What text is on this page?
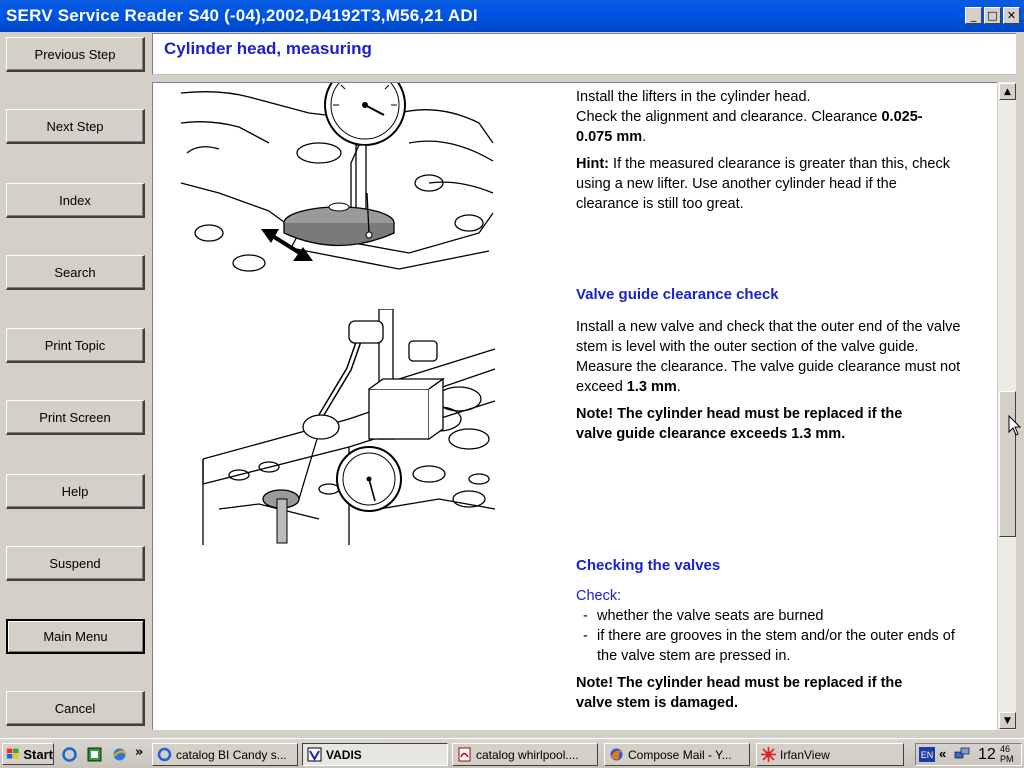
SERV Service Reader S40 (-04),2002,D4192T3,M56,21 ADI	_ □ ✕
Previous Step
Next Step
Index
Search
Print Topic
Print Screen
Help
Suspend
Main Menu
Cancel
Cylinder head, measuring
Install the lifters in the cylinder head.
Check the alignment and clearance. Clearance 0.025-
0.075 mm.
Hint: If the measured clearance is greater than this, check
using a new lifter. Use another cylinder head if the
clearance is still too great.
Valve guide clearance check
Install a new valve and check that the outer end of the valve
stem is level with the outer section of the valve guide.
Measure the clearance. The valve guide clearance must not
exceed 1.3 mm.
Note! The cylinder head must be replaced if the
valve guide clearance exceeds 1.3 mm.
Checking the valves
Check:
- whether the valve seats are burned
- if there are grooves in the stem and/or the outer ends of
the valve stem are pressed in.
Note! The cylinder head must be replaced if the
valve stem is damaged.
▲
▼
Start	»	catalog BI Candy s...	VADIS	catalog whirlpool....	Compose Mail - Y...	IrfanView	EN « 12 46
PM
